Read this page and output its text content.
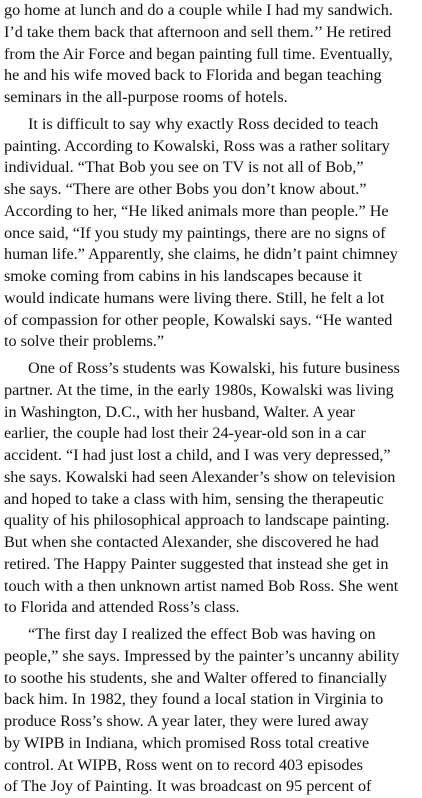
go home at lunch and do a couple while I had my sandwich.
I’d take them back that afternoon and sell them.’’ He retired
from the Air Force and began painting full time. Eventually,
he and his wife moved back to Florida and began teaching
seminars in the all-purpose rooms of hotels.
It is difficult to say why exactly Ross decided to teach
painting. According to Kowalski, Ross was a rather solitary
individual. “That Bob you see on TV is not all of Bob,”
she says. “There are other Bobs you don’t know about.”
According to her, “He liked animals more than people.” He
once said, “If you study my paintings, there are no signs of
human life.” Apparently, she claims, he didn’t paint chimney
smoke coming from cabins in his landscapes because it
would indicate humans were living there. Still, he felt a lot
of compassion for other people, Kowalski says. “He wanted
to solve their problems.”
One of Ross’s students was Kowalski, his future business
partner. At the time, in the early 1980s, Kowalski was living
in Washington, D.C., with her husband, Walter. A year
earlier, the couple had lost their 24-year-old son in a car
accident. “I had just lost a child, and I was very depressed,”
she says. Kowalski had seen Alexander’s show on television
and hoped to take a class with him, sensing the therapeutic
quality of his philosophical approach to landscape painting.
But when she contacted Alexander, she discovered he had
retired. The Happy Painter suggested that instead she get in
touch with a then unknown artist named Bob Ross. She went
to Florida and attended Ross’s class.
“The first day I realized the effect Bob was having on
people,” she says. Impressed by the painter’s uncanny ability
to soothe his students, she and Walter offered to financially
back him. In 1982, they found a local station in Virginia to
produce Ross’s show. A year later, they were lured away
by WIPB in Indiana, which promised Ross total creative
control. At WIPB, Ross went on to record 403 episodes
of The Joy of Painting. It was broadcast on 95 percent of
